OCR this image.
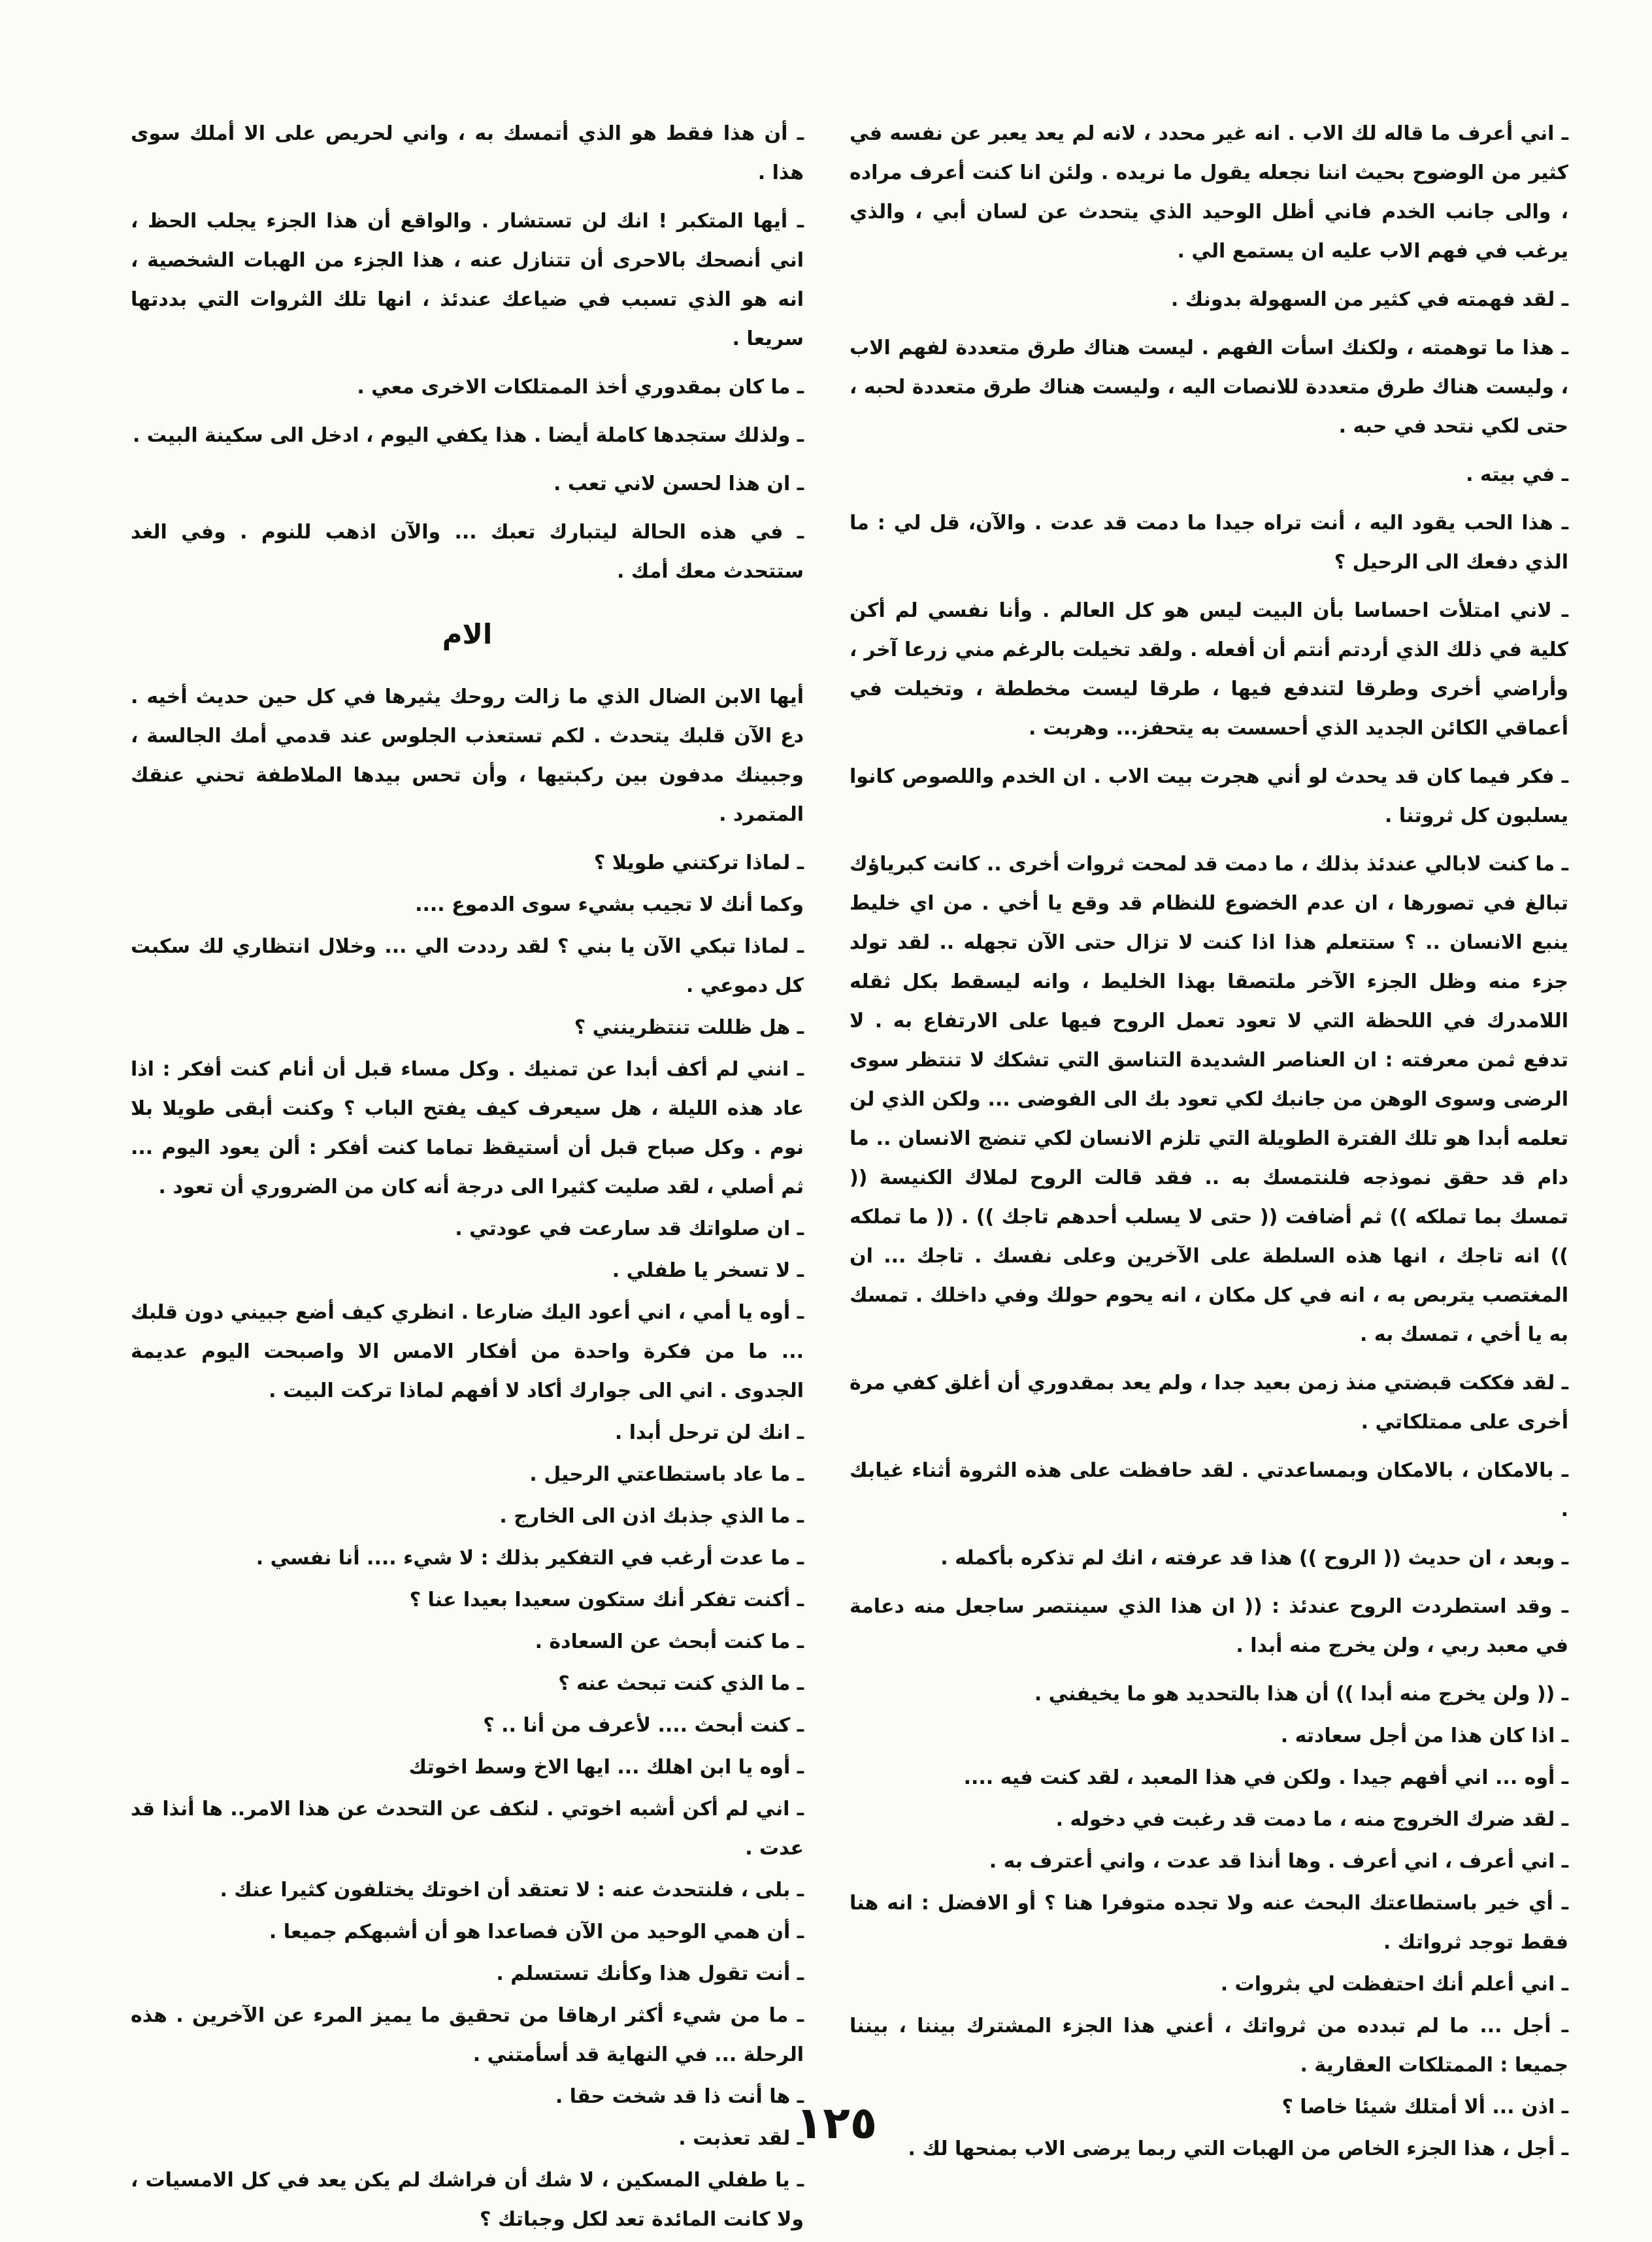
ـ اني أعرف ما قاله لك الاب . انه غير محدد ، لانه لم يعد يعبر عن نفسه في كثير من الوضوح بحيث اننا نجعله يقول ما نريده . ولئن انا كنت أعرف مراده ، والى جانب الخدم فاني أظل الوحيد الذي يتحدث عن لسان أبي ، والذي يرغب في فهم الاب عليه ان يستمع الي .

ـ لقد فهمته في كثير من السهولة بدونك .

ـ هذا ما توهمته ، ولكنك اسأت الفهم . ليست هناك طرق متعددة لفهم الاب ، وليست هناك طرق متعددة للانصات اليه ، وليست هناك طرق متعددة لحبه ، حتى لكي نتحد في حبه .

ـ في بيته .

ـ هذا الحب يقود اليه ، أنت تراه جيدا ما دمت قد عدت . والآن، قل لي : ما الذي دفعك الى الرحيل ؟

ـ لاني امتلأت احساسا بأن البيت ليس هو كل العالم . وأنا نفسي لم أكن كلية في ذلك الذي أردتم أنتم أن أفعله . ولقد تخيلت بالرغم مني زرعا آخر ، وأراضي أخرى وطرقا لتندفع فيها ، طرقا ليست مخططة ، وتخيلت في أعماقي الكائن الجديد الذي أحسست به يتحفز... وهربت .

ـ فكر فيما كان قد يحدث لو أني هجرت بيت الاب . ان الخدم واللصوص كانوا يسلبون كل ثروتنا .

ـ ما كنت لابالي عندئذ بذلك ، ما دمت قد لمحت ثروات أخرى .. كانت كبرياؤك تبالغ في تصورها ، ان عدم الخضوع للنظام قد وقع يا أخي . من اي خليط ينبع الانسان .. ؟ ستتعلم هذا اذا كنت لا تزال حتى الآن تجهله .. لقد تولد جزء منه وظل الجزء الآخر ملتصقا بهذا الخليط ، وانه ليسقط بكل ثقله اللامدرك في اللحظة التي لا تعود تعمل الروح فيها على الارتفاع به . لا تدفع ثمن معرفته : ان العناصر الشديدة التناسق التي تشكك لا تنتظر سوى الرضى وسوى الوهن من جانبك لكي تعود بك الى الفوضى ... ولكن الذي لن تعلمه أبدا هو تلك الفترة الطويلة التي تلزم الانسان لكي تنضج الانسان .. ما دام قد حقق نموذجه فلنتمسك به .. فقد قالت الروح لملاك الكنيسة (( تمسك بما تملكه )) ثم أضافت (( حتى لا يسلب أحدهم تاجك )) . (( ما تملكه )) انه تاجك ، انها هذه السلطة على الآخرين وعلى نفسك . تاجك ... ان المغتصب يتربص به ، انه في كل مكان ، انه يحوم حولك وفي داخلك . تمسك به يا أخي ، تمسك به .

ـ لقد فككت قبضتي منذ زمن بعيد جدا ، ولم يعد بمقدوري أن أغلق كفي مرة أخرى على ممتلكاتي .

ـ بالامكان ، بالامكان وبمساعدتي . لقد حافظت على هذه الثروة أثناء غيابك .

ـ وبعد ، ان حديث (( الروح )) هذا قد عرفته ، انك لم تذكره بأكمله .

ـ وقد استطردت الروح عندئذ : (( ان هذا الذي سينتصر ساجعل منه دعامة في معبد ربي ، ولن يخرج منه أبدا .

ـ (( ولن يخرج منه أبدا )) أن هذا بالتحديد هو ما يخيفني .

ـ اذا كان هذا من أجل سعادته .

ـ أوه ... اني أفهم جيدا . ولكن في هذا المعبد ، لقد كنت فيه ....

ـ لقد ضرك الخروج منه ، ما دمت قد رغبت في دخوله .

ـ اني أعرف ، اني أعرف . وها أنذا قد عدت ، واني أعترف به .

ـ أي خير باستطاعتك البحث عنه ولا تجده متوفرا هنا ؟ أو الافضل : انه هنا فقط توجد ثرواتك .

ـ اني أعلم أنك احتفظت لي بثروات .

ـ أجل ... ما لم تبدده من ثرواتك ، أعني هذا الجزء المشترك بيننا ، بيننا جميعا : الممتلكات العقارية .

ـ اذن ... ألا أمتلك شيئا خاصا ؟

ـ أجل ، هذا الجزء الخاص من الهبات التي ربما يرضى الاب بمنحها لك .

ـ أن هذا فقط هو الذي أتمسك به ، واني لحريص على الا أملك سوى هذا .

ـ أيها المتكبر ! انك لن تستشار . والواقع أن هذا الجزء يجلب الحظ ، اني أنصحك بالاحرى أن تتنازل عنه ، هذا الجزء من الهبات الشخصية ، انه هو الذي تسبب في ضياعك عندئذ ، انها تلك الثروات التي بددتها سريعا .

ـ ما كان بمقدوري أخذ الممتلكات الاخرى معي .

ـ ولذلك ستجدها كاملة أيضا . هذا يكفي اليوم ، ادخل الى سكينة البيت .

ـ ان هذا لحسن لاني تعب .

ـ في هذه الحالة ليتبارك تعبك ... والآن اذهب للنوم . وفي الغد ستتحدث معك أمك .

الام

أيها الابن الضال الذي ما زالت روحك يثيرها في كل حين حديث أخيه . دع الآن قلبك يتحدث . لكم تستعذب الجلوس عند قدمي أمك الجالسة ، وجبينك مدفون بين ركبتيها ، وأن تحس بيدها الملاطفة تحني عنقك المتمرد .

ـ لماذا تركتني طويلا ؟

وكما أنك لا تجيب بشيء سوى الدموع ....

ـ لماذا تبكي الآن يا بني ؟ لقد رددت الي ... وخلال انتظاري لك سكبت كل دموعي .

ـ هل ظللت تنتظرينني ؟

ـ انني لم أكف أبدا عن تمنيك . وكل مساء قبل أن أنام كنت أفكر : اذا عاد هذه الليلة ، هل سيعرف كيف يفتح الباب ؟ وكنت أبقى طويلا بلا نوم . وكل صباح قبل أن أستيقظ تماما كنت أفكر : ألن يعود اليوم ... ثم أصلي ، لقد صليت كثيرا الى درجة أنه كان من الضروري أن تعود .

ـ ان صلواتك قد سارعت في عودتي .

ـ لا تسخر يا طفلي .

ـ أوه يا أمي ، اني أعود اليك ضارعا . انظري كيف أضع جبيني دون قلبك ... ما من فكرة واحدة من أفكار الامس الا واصبحت اليوم عديمة الجدوى . اني الى جوارك أكاد لا أفهم لماذا تركت البيت .

ـ انك لن ترحل أبدا .

ـ ما عاد باستطاعتي الرحيل .

ـ ما الذي جذبك اذن الى الخارج .

ـ ما عدت أرغب في التفكير بذلك : لا شيء .... أنا نفسي .

ـ أكنت تفكر أنك ستكون سعيدا بعيدا عنا ؟

ـ ما كنت أبحث عن السعادة .

ـ ما الذي كنت تبحث عنه ؟

ـ كنت أبحث .... لأعرف من أنا .. ؟

ـ أوه يا ابن اهلك ... ايها الاخ وسط اخوتك

ـ اني لم أكن أشبه اخوتي . لنكف عن التحدث عن هذا الامر.. ها أنذا قد عدت .

ـ بلى ، فلنتحدث عنه : لا تعتقد أن اخوتك يختلفون كثيرا عنك .

ـ أن همي الوحيد من الآن فصاعدا هو أن أشبهكم جميعا .

ـ أنت تقول هذا وكأنك تستسلم .

ـ ما من شيء أكثر ارهاقا من تحقيق ما يميز المرء عن الآخرين . هذه الرحلة ... في النهاية قد أسأمتني .

ـ ها أنت ذا قد شخت حقا .

ـ لقد تعذبت .

ـ يا طفلي المسكين ، لا شك أن فراشك لم يكن يعد في كل الامسيات ، ولا كانت المائدة تعد لكل وجباتك ؟

١٢٥
